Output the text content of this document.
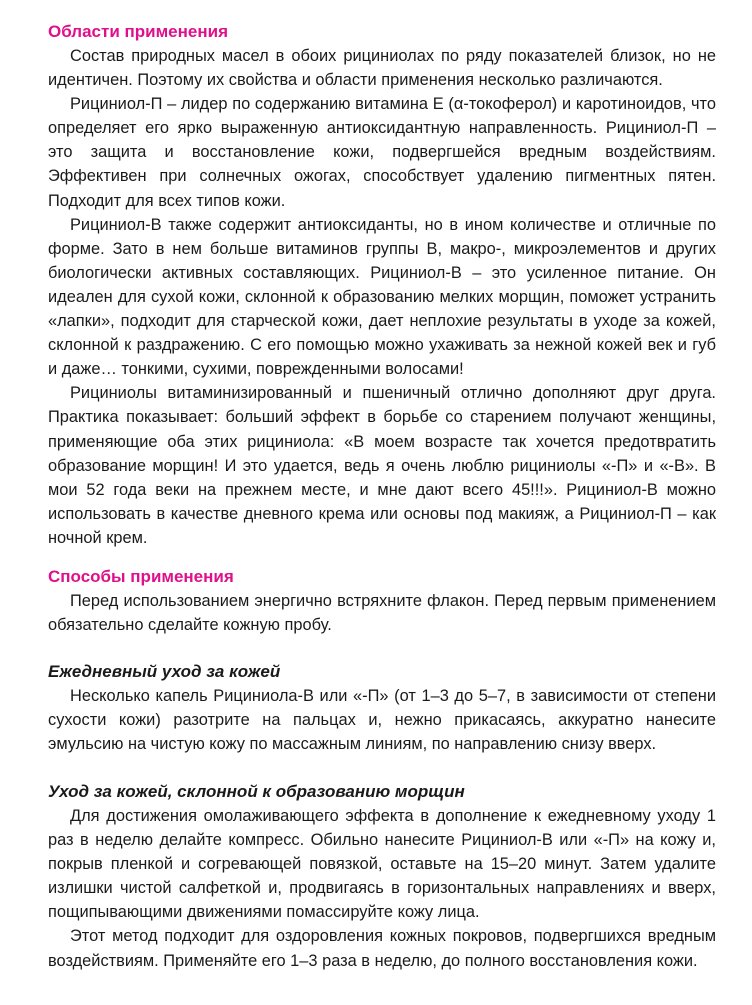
Области применения

Состав природных масел в обоих рициниолах по ряду показателей близок, но не идентичен. Поэтому их свойства и области применения несколько различаются.

Рициниол-П – лидер по содержанию витамина Е (α-токоферол) и каротиноидов, что определяет его ярко выраженную антиоксидантную направленность. Рициниол-П – это защита и восстановление кожи, подвергшейся вредным воздействиям. Эффективен при солнечных ожогах, способствует удалению пигментных пятен. Подходит для всех типов кожи.

Рициниол-В также содержит антиоксиданты, но в ином количестве и отличные по форме. Зато в нем больше витаминов группы В, макро-, микроэлементов и других биологически активных составляющих. Рициниол-В – это усиленное питание. Он идеален для сухой кожи, склонной к образованию мелких морщин, поможет устранить «лапки», подходит для старческой кожи, дает неплохие результаты в уходе за кожей, склонной к раздражению. С его помощью можно ухаживать за нежной кожей век и губ и даже… тонкими, сухими, поврежденными волосами!

Рициниолы витаминизированный и пшеничный отлично дополняют друг друга. Практика показывает: больший эффект в борьбе со старением получают женщины, применяющие оба этих рициниола: «В моем возрасте так хочется предотвратить образование морщин! И это удается, ведь я очень люблю рициниолы «-П» и «-В». В мои 52 года веки на прежнем месте, и мне дают всего 45!!!». Рициниол-В можно использовать в качестве дневного крема или основы под макияж, а Рициниол-П – как ночной крем.

Способы применения

Перед использованием энергично встряхните флакон. Перед первым применением обязательно сделайте кожную пробу.

Ежедневный уход за кожей

Несколько капель Рициниола-В или «-П» (от 1–3 до 5–7, в зависимости от степени сухости кожи) разотрите на пальцах и, нежно прикасаясь, аккуратно нанесите эмульсию на чистую кожу по массажным линиям, по направлению снизу вверх.

Уход за кожей, склонной к образованию морщин

Для достижения омолаживающего эффекта в дополнение к ежедневному уходу 1 раз в неделю делайте компресс. Обильно нанесите Рициниол-В или «-П» на кожу и, покрыв пленкой и согревающей повязкой, оставьте на 15–20 минут. Затем удалите излишки чистой салфеткой и, продвигаясь в горизонтальных направлениях и вверх, пощипывающими движениями помассируйте кожу лица.

Этот метод подходит для оздоровления кожных покровов, подвергшихся вредным воздействиям. Применяйте его 1–3 раза в неделю, до полного восстановления кожи.
